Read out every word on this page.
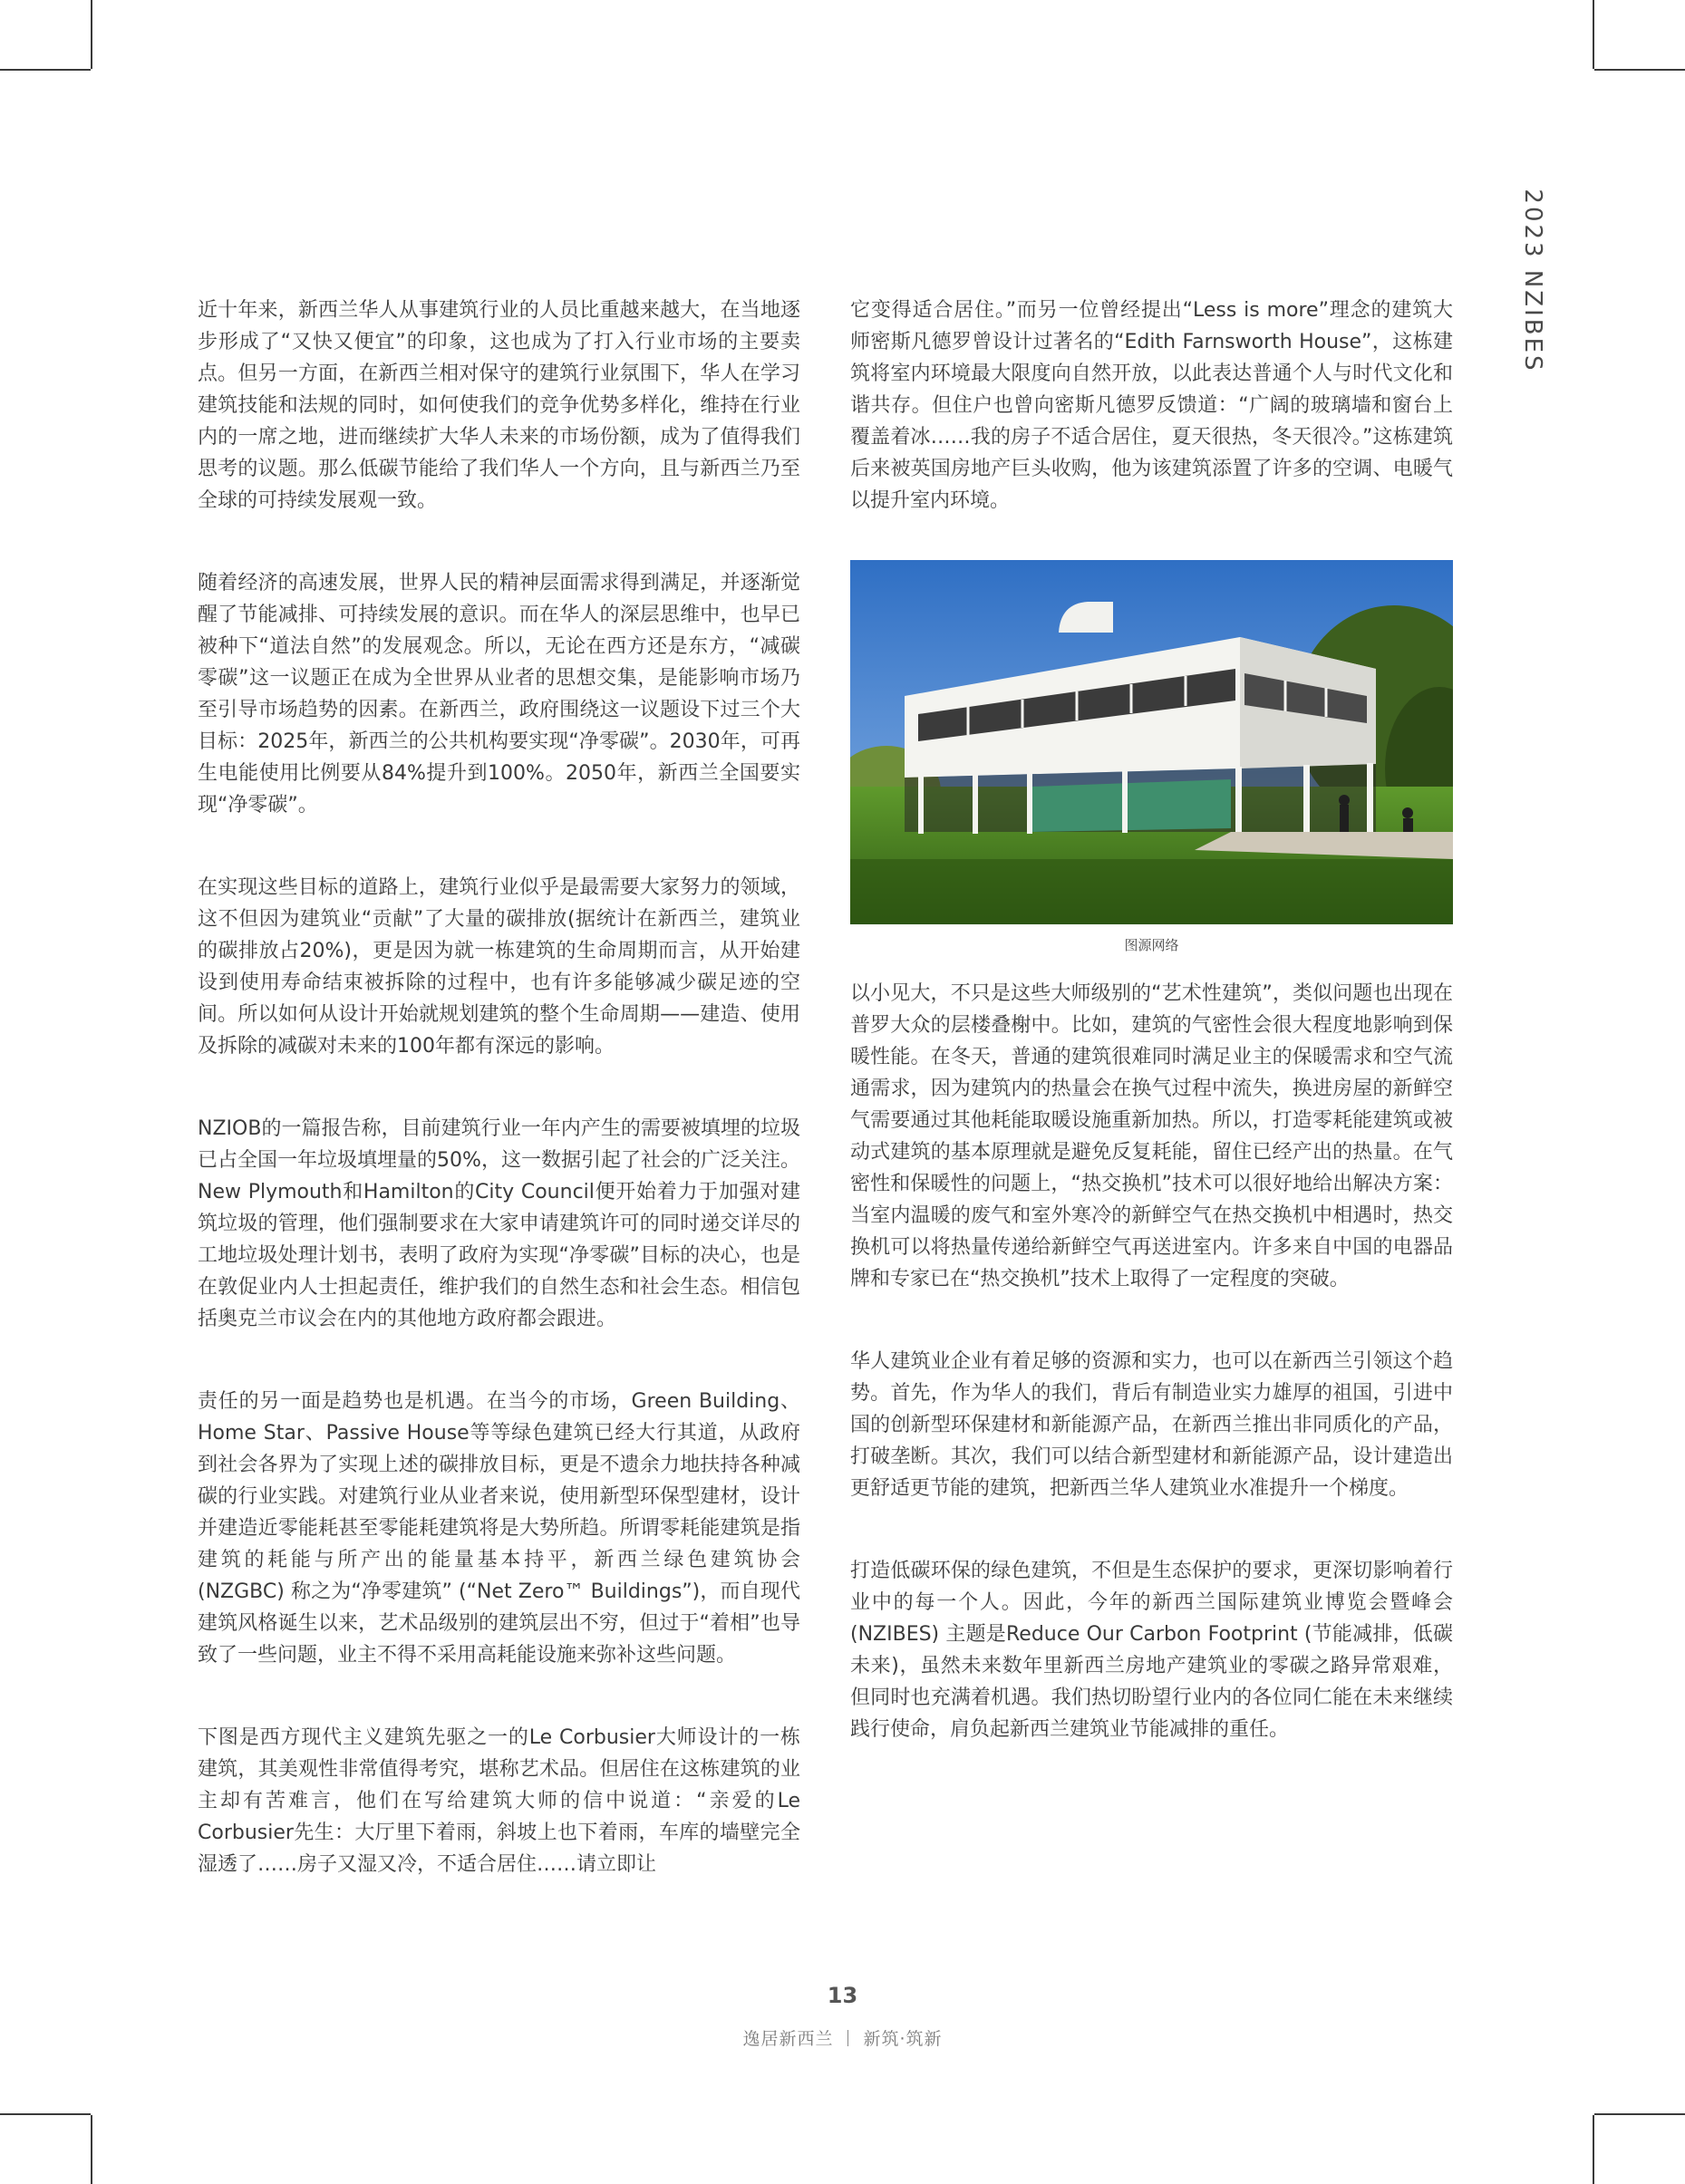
2023 NZIBES

近十年来，新西兰华人从事建筑行业的人员比重越来越大，在当地逐步形成了“又快又便宜”的印象，这也成为了打入行业市场的主要卖点。但另一方面，在新西兰相对保守的建筑行业氛围下，华人在学习建筑技能和法规的同时，如何使我们的竞争优势多样化，维持在行业内的一席之地，进而继续扩大华人未来的市场份额，成为了值得我们思考的议题。那么低碳节能给了我们华人一个方向，且与新西兰乃至全球的可持续发展观一致。

随着经济的高速发展，世界人民的精神层面需求得到满足，并逐渐觉醒了节能减排、可持续发展的意识。而在华人的深层思维中，也早已被种下“道法自然”的发展观念。所以，无论在西方还是东方，“减碳零碳”这一议题正在成为全世界从业者的思想交集，是能影响市场乃至引导市场趋势的因素。在新西兰，政府围绕这一议题设下过三个大目标：2025年，新西兰的公共机构要实现“净零碳”。2030年，可再生电能使用比例要从84%提升到100%。2050年，新西兰全国要实现“净零碳”。

在实现这些目标的道路上，建筑行业似乎是最需要大家努力的领域，这不但因为建筑业“贡献”了大量的碳排放(据统计在新西兰，建筑业的碳排放占20%)，更是因为就一栋建筑的生命周期而言，从开始建设到使用寿命结束被拆除的过程中，也有许多能够减少碳足迹的空间。所以如何从设计开始就规划建筑的整个生命周期——建造、使用及拆除的减碳对未来的100年都有深远的影响。

NZIOB的一篇报告称，目前建筑行业一年内产生的需要被填埋的垃圾已占全国一年垃圾填埋量的50%，这一数据引起了社会的广泛关注。New Plymouth和Hamilton的City Council便开始着力于加强对建筑垃圾的管理，他们强制要求在大家申请建筑许可的同时递交详尽的工地垃圾处理计划书，表明了政府为实现“净零碳”目标的决心，也是在敦促业内人士担起责任，维护我们的自然生态和社会生态。相信包括奥克兰市议会在内的其他地方政府都会跟进。

责任的另一面是趋势也是机遇。在当今的市场，Green Building、Home Star、Passive House等等绿色建筑已经大行其道，从政府到社会各界为了实现上述的碳排放目标，更是不遗余力地扶持各种减碳的行业实践。对建筑行业从业者来说，使用新型环保型建材，设计并建造近零能耗甚至零能耗建筑将是大势所趋。所谓零耗能建筑是指建筑的耗能与所产出的能量基本持平，新西兰绿色建筑协会 (NZGBC) 称之为“净零建筑” (“Net Zero™ Buildings”)，而自现代建筑风格诞生以来，艺术品级别的建筑层出不穷，但过于“着相”也导致了一些问题，业主不得不采用高耗能设施来弥补这些问题。

下图是西方现代主义建筑先驱之一的Le Corbusier大师设计的一栋建筑，其美观性非常值得考究，堪称艺术品。但居住在这栋建筑的业主却有苦难言，他们在写给建筑大师的信中说道：“亲爱的Le Corbusier先生：大厅里下着雨，斜坡上也下着雨，车库的墙壁完全湿透了……房子又湿又冷，不适合居住……请立即让

它变得适合居住。”而另一位曾经提出“Less is more”理念的建筑大师密斯凡德罗曾设计过著名的“Edith Farnsworth House”，这栋建筑将室内环境最大限度向自然开放，以此表达普通个人与时代文化和谐共存。但住户也曾向密斯凡德罗反馈道：“广阔的玻璃墙和窗台上覆盖着冰……我的房子不适合居住，夏天很热，冬天很冷。”这栋建筑后来被英国房地产巨头收购，他为该建筑添置了许多的空调、电暖气以提升室内环境。

图源网络

以小见大，不只是这些大师级别的“艺术性建筑”，类似问题也出现在普罗大众的层楼叠榭中。比如，建筑的气密性会很大程度地影响到保暖性能。在冬天，普通的建筑很难同时满足业主的保暖需求和空气流通需求，因为建筑内的热量会在换气过程中流失，换进房屋的新鲜空气需要通过其他耗能取暖设施重新加热。所以，打造零耗能建筑或被动式建筑的基本原理就是避免反复耗能，留住已经产出的热量。在气密性和保暖性的问题上，“热交换机”技术可以很好地给出解决方案：当室内温暖的废气和室外寒冷的新鲜空气在热交换机中相遇时，热交换机可以将热量传递给新鲜空气再送进室内。许多来自中国的电器品牌和专家已在“热交换机”技术上取得了一定程度的突破。

华人建筑业企业有着足够的资源和实力，也可以在新西兰引领这个趋势。首先，作为华人的我们，背后有制造业实力雄厚的祖国，引进中国的创新型环保建材和新能源产品，在新西兰推出非同质化的产品，打破垄断。其次，我们可以结合新型建材和新能源产品，设计建造出更舒适更节能的建筑，把新西兰华人建筑业水准提升一个梯度。

打造低碳环保的绿色建筑，不但是生态保护的要求，更深切影响着行业中的每一个人。因此，今年的新西兰国际建筑业博览会暨峰会 (NZIBES) 主题是Reduce Our Carbon Footprint (节能减排，低碳未来)，虽然未来数年里新西兰房地产建筑业的零碳之路异常艰难，但同时也充满着机遇。我们热切盼望行业内的各位同仁能在未来继续践行使命，肩负起新西兰建筑业节能减排的重任。

13
逸居新西兰 新筑·筑新
